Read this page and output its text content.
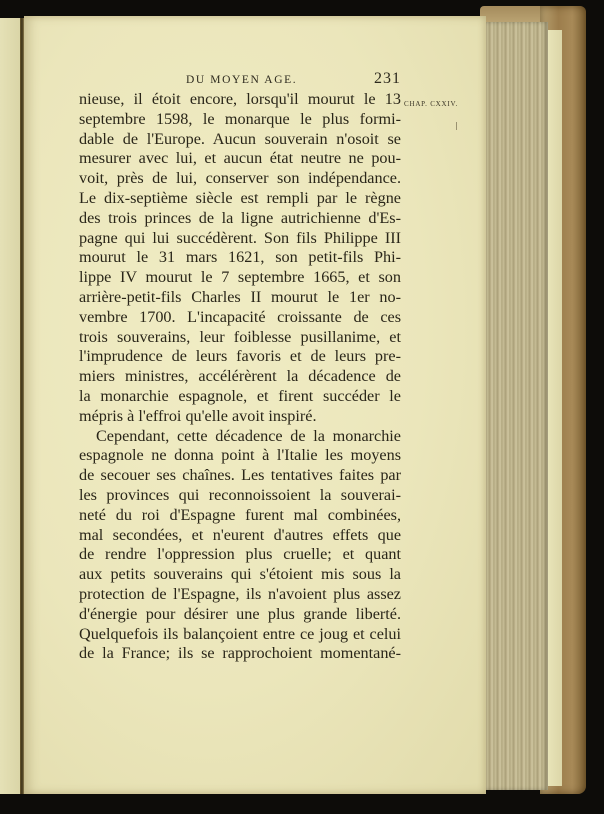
DU MOYEN AGE.	231
CHAP. CXXIV.
nieuse, il étoit encore, lorsqu'il mourut le 13
septembre 1598, le monarque le plus formi-
dable de l'Europe. Aucun souverain n'osoit se
mesurer avec lui, et aucun état neutre ne pou-
voit, près de lui, conserver son indépendance.
Le dix-septième siècle est rempli par le règne
des trois princes de la ligne autrichienne d'Es-
pagne qui lui succédèrent. Son fils Philippe III
mourut le 31 mars 1621, son petit-fils Phi-
lippe IV mourut le 7 septembre 1665, et son
arrière-petit-fils Charles II mourut le 1er no-
vembre 1700. L'incapacité croissante de ces
trois souverains, leur foiblesse pusillanime, et
l'imprudence de leurs favoris et de leurs pre-
miers ministres, accélérèrent la décadence de
la monarchie espagnole, et firent succéder le
mépris à l'effroi qu'elle avoit inspiré.
Cependant, cette décadence de la monarchie
espagnole ne donna point à l'Italie les moyens
de secouer ses chaînes. Les tentatives faites par
les provinces qui reconnoissoient la souverai-
neté du roi d'Espagne furent mal combinées,
mal secondées, et n'eurent d'autres effets que
de rendre l'oppression plus cruelle; et quant
aux petits souverains qui s'étoient mis sous la
protection de l'Espagne, ils n'avoient plus assez
d'énergie pour désirer une plus grande liberté.
Quelquefois ils balançoient entre ce joug et celui
de la France; ils se rapprochoient momentané-
